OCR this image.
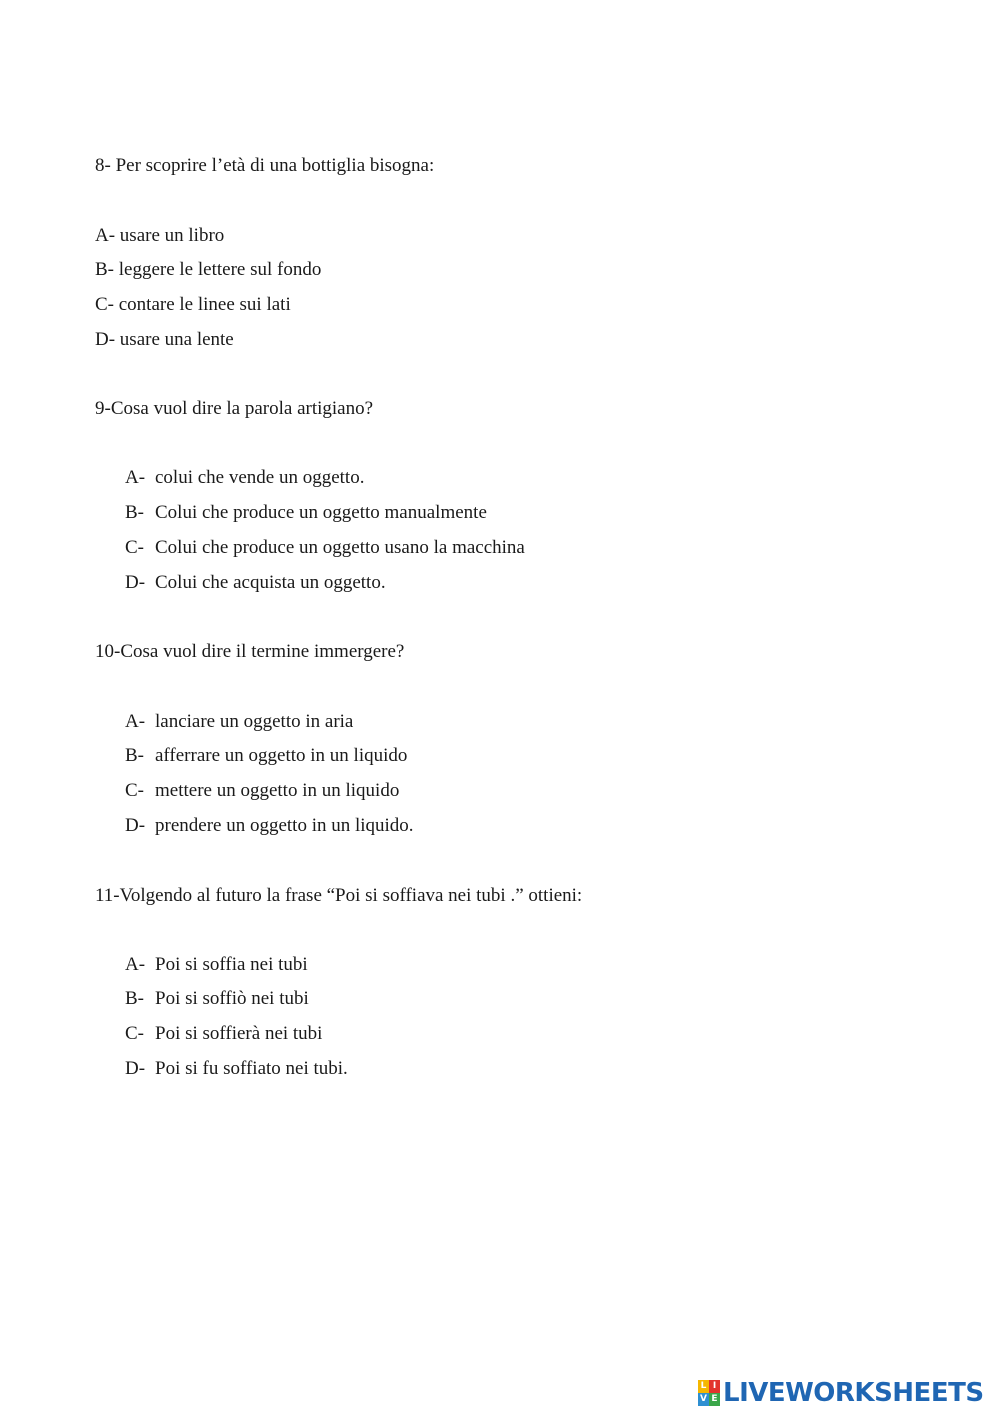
8- Per scoprire l’età di una bottiglia bisogna:
A- usare un libro
B- leggere le lettere sul fondo
C- contare le linee sui lati
D- usare una lente
9-Cosa vuol dire la parola artigiano?
A- colui che vende un oggetto.
B- Colui che produce un oggetto manualmente
C- Colui che produce un oggetto usano la macchina
D- Colui che acquista un oggetto.
10-Cosa vuol dire il termine immergere?
A- lanciare un oggetto in aria
B- afferrare un oggetto in un liquido
C- mettere un oggetto in un liquido
D- prendere un oggetto in un liquido.
11-Volgendo al futuro la frase “Poi si soffiava nei tubi .” ottieni:
A- Poi si soffia nei tubi
B- Poi si soffiò nei tubi
C- Poi si soffierà nei tubi
D- Poi si fu soffiato nei tubi.
L I
V E LIVEWORKSHEETS
